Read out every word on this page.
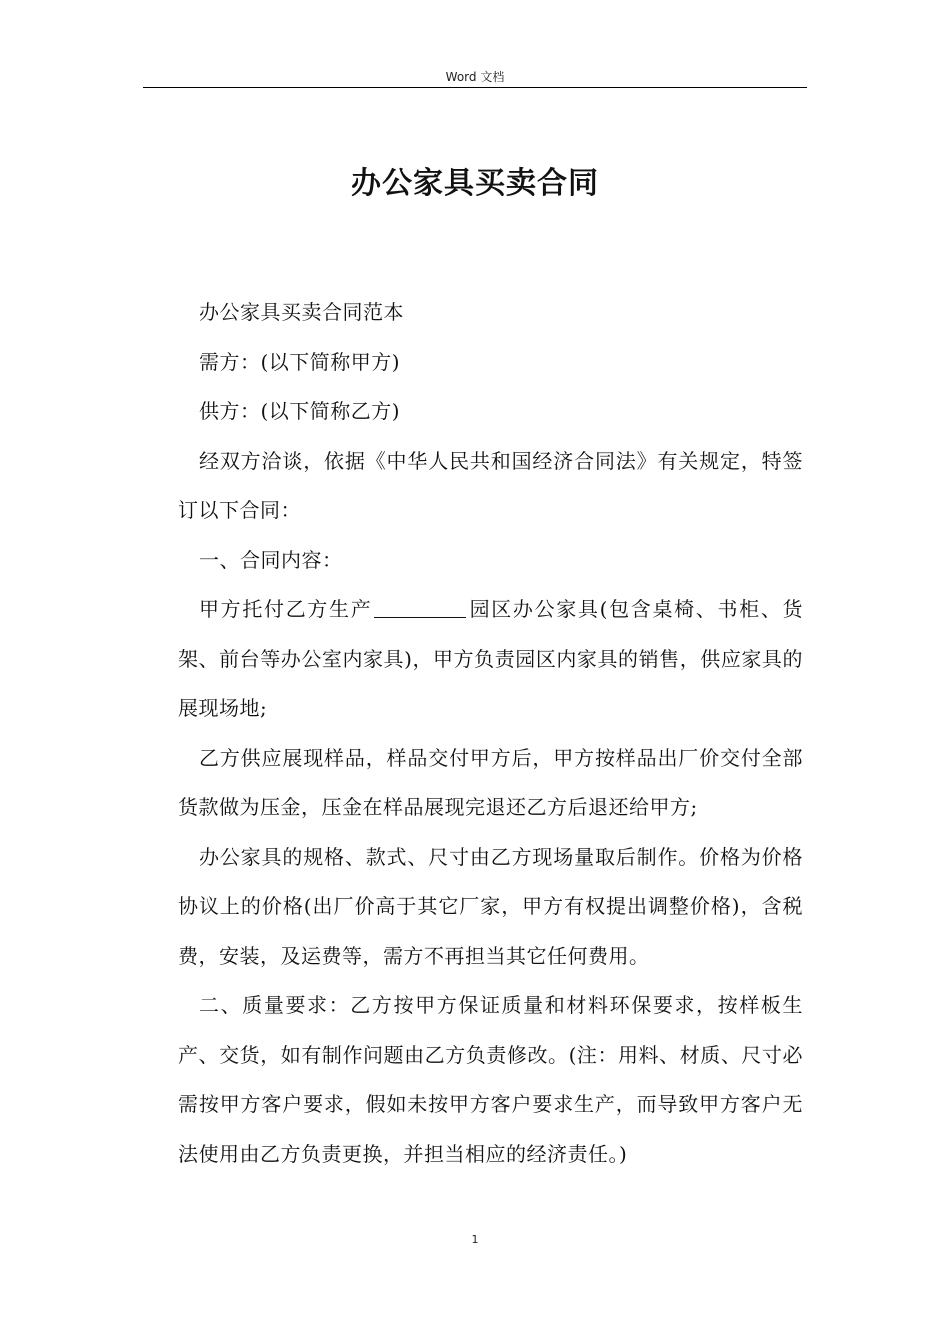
Word 文档
办公家具买卖合同

办公家具买卖合同范本

需方：(以下简称甲方)

供方：(以下简称乙方)

经双方洽谈，依据《中华人民共和国经济合同法》有关规定，特签订以下合同：

一、合同内容：

甲方托付乙方生产	园区办公家具(包含桌椅、书柜、货架、前台等办公室内家具)，甲方负责园区内家具的销售，供应家具的展现场地;

乙方供应展现样品，样品交付甲方后，甲方按样品出厂价交付全部货款做为压金，压金在样品展现完退还乙方后退还给甲方;

办公家具的规格、款式、尺寸由乙方现场量取后制作。价格为价格协议上的价格(出厂价高于其它厂家，甲方有权提出调整价格)，含税费，安装，及运费等，需方不再担当其它任何费用。

二、质量要求：乙方按甲方保证质量和材料环保要求，按样板生产、交货，如有制作问题由乙方负责修改。(注：用料、材质、尺寸必需按甲方客户要求，假如未按甲方客户要求生产，而导致甲方客户无法使用由乙方负责更换，并担当相应的经济责任。)

1
